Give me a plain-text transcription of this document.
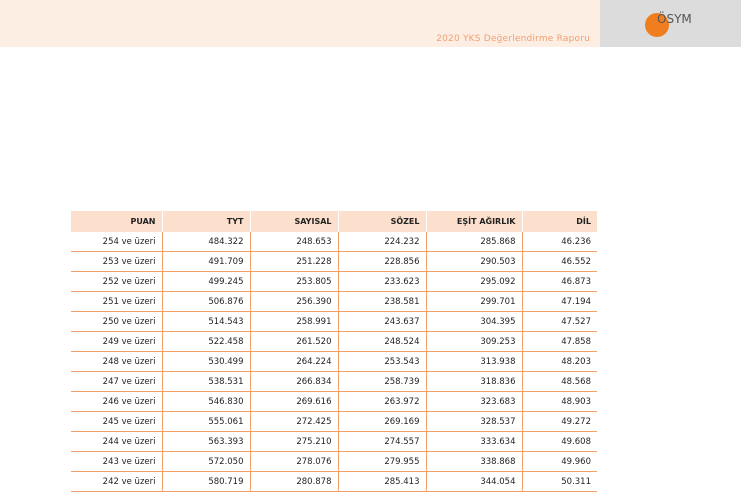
2020 YKS Değerlendirme Raporu
ÖSYM
PUAN	TYT	SAYISAL	SÖZEL	EŞİT AĞIRLIK	DİL
254 ve üzeri	484.322	248.653	224.232	285.868	46.236
253 ve üzeri	491.709	251.228	228.856	290.503	46.552
252 ve üzeri	499.245	253.805	233.623	295.092	46.873
251 ve üzeri	506.876	256.390	238.581	299.701	47.194
250 ve üzeri	514.543	258.991	243.637	304.395	47.527
249 ve üzeri	522.458	261.520	248.524	309.253	47.858
248 ve üzeri	530.499	264.224	253.543	313.938	48.203
247 ve üzeri	538.531	266.834	258.739	318.836	48.568
246 ve üzeri	546.830	269.616	263.972	323.683	48.903
245 ve üzeri	555.061	272.425	269.169	328.537	49.272
244 ve üzeri	563.393	275.210	274.557	333.634	49.608
243 ve üzeri	572.050	278.076	279.955	338.868	49.960
242 ve üzeri	580.719	280.878	285.413	344.054	50.311
